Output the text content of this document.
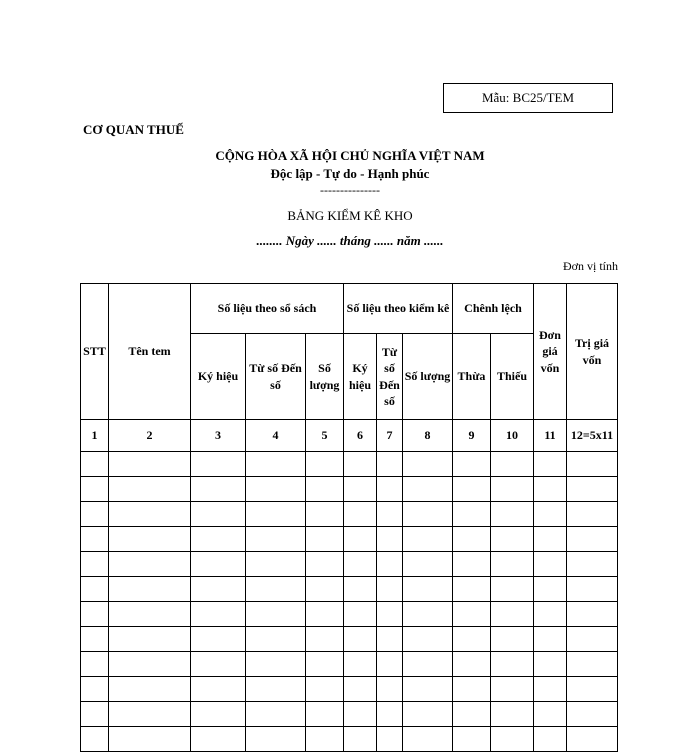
Mẫu: BC25/TEM
CƠ QUAN THUẾ
CỘNG HÒA XÃ HỘI CHỦ NGHĨA VIỆT NAM
Độc lập - Tự do - Hạnh phúc
---------------
BẢNG KIỂM KÊ KHO
........ Ngày ...... tháng ...... năm ......
Đơn vị tính
STT	Tên tem	Số liệu theo sổ sách			Số liệu theo kiểm kê			Chênh lệch		Đơn giá vốn	Trị giá vốn
		Ký hiệu	Từ số Đến số	Số lượng	Ký hiệu	Từ số Đến số	Số lượng	Thừa	Thiếu		
1	2	3	4	5	6	7	8	9	10	11	12=5x11
